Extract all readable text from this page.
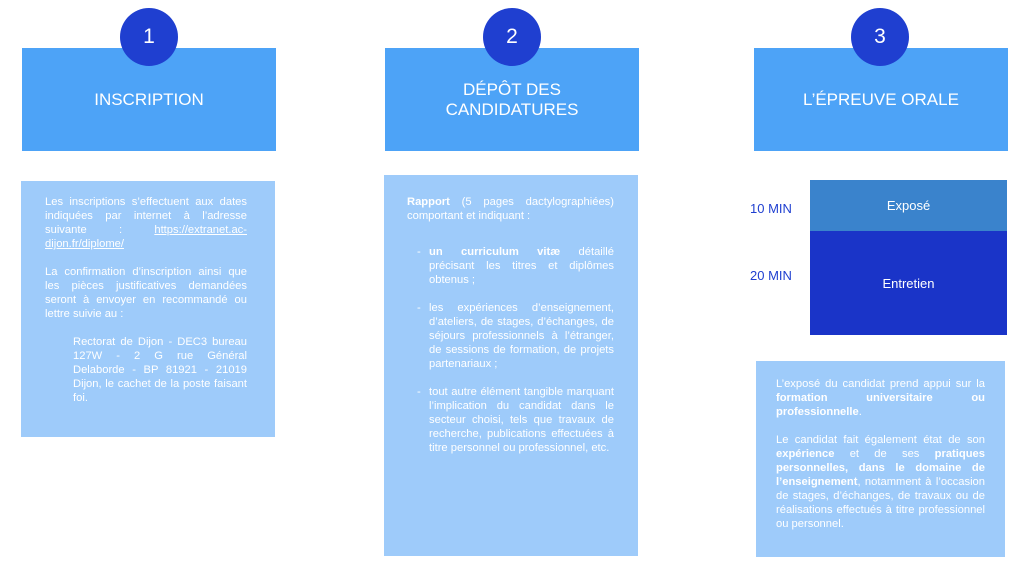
1
INSCRIPTION

Les inscriptions s’effectuent aux dates indiquées par internet à l’adresse suivante : https://extranet.ac-dijon.fr/diplome/

La confirmation d’inscription ainsi que les pièces justificatives demandées seront à envoyer en recommandé ou lettre suivie au :

Rectorat de Dijon - DEC3 bureau 127W - 2 G rue Général Delaborde - BP 81921 - 21019 Dijon, le cachet de la poste faisant foi.

2
DÉPÔT DES
CANDIDATURES

Rapport (5 pages dactylographiées) comportant et indiquant :

- un curriculum vitæ détaillé précisant les titres et diplômes obtenus ;
- les expériences d’enseignement, d’ateliers, de stages, d’échanges, de séjours professionnels à l’étranger, de sessions de formation, de projets partenariaux ;
- tout autre élément tangible marquant l’implication du candidat dans le secteur choisi, tels que travaux de recherche, publications effectuées à titre personnel ou professionnel, etc.
3
L’ÉPREUVE ORALE
10 MIN	Exposé
20 MIN	Entretien

L’exposé du candidat prend appui sur la formation universitaire ou professionnelle.

Le candidat fait également état de son expérience et de ses pratiques personnelles, dans le domaine de l’enseignement, notamment à l’occasion de stages, d’échanges, de travaux ou de réalisations effectués à titre professionnel ou personnel.
